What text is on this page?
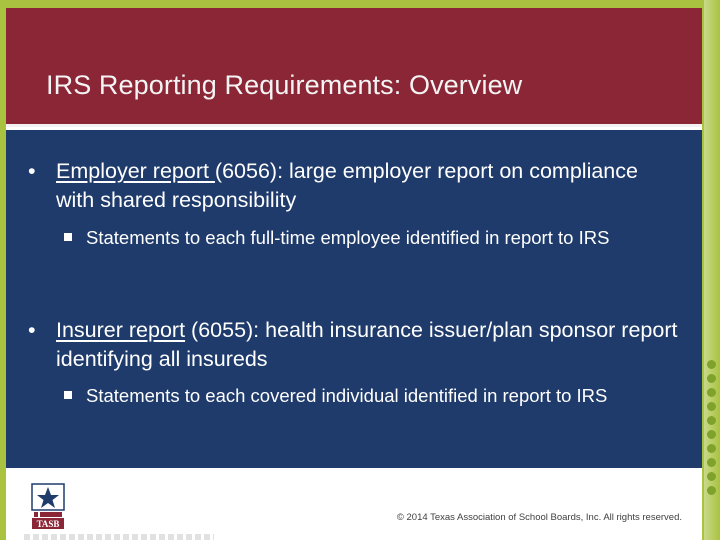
IRS Reporting Requirements: Overview
• Employer report (6056): large employer report on compliance with shared responsibility
Statements to each full-time employee identified in report to IRS
• Insurer report (6055): health insurance issuer/plan sponsor report identifying all insureds
Statements to each covered individual identified in report to IRS
TASB
© 2014 Texas Association of School Boards, Inc. All rights reserved.
